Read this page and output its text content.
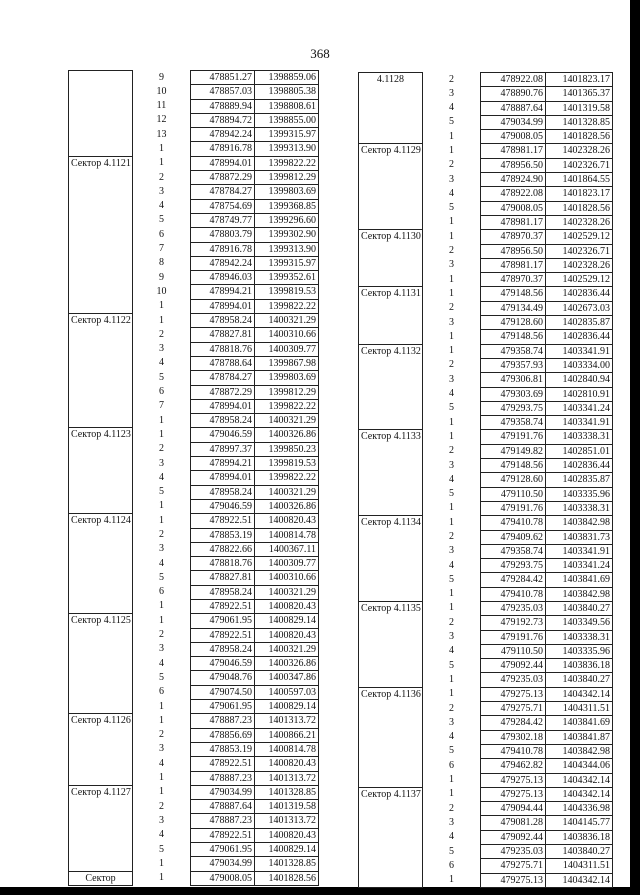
368
	9	478851.27	1398859.06
	10	478857.03	1398805.38
	11	478889.94	1398808.61
	12	478894.72	1398855.00
	13	478942.24	1399315.97
	1	478916.78	1399313.90
Сектор 4.1121	1	478994.01	1399822.22
	2	478872.29	1399812.29
	3	478784.27	1399803.69
	4	478754.69	1399368.85
	5	478749.77	1399296.60
	6	478803.79	1399302.90
	7	478916.78	1399313.90
	8	478942.24	1399315.97
	9	478946.03	1399352.61
	10	478994.21	1399819.53
	1	478994.01	1399822.22
Сектор 4.1122	1	478958.24	1400321.29
	2	478827.81	1400310.66
	3	478818.76	1400309.77
	4	478788.64	1399867.98
	5	478784.27	1399803.69
	6	478872.29	1399812.29
	7	478994.01	1399822.22
	1	478958.24	1400321.29
Сектор 4.1123	1	479046.59	1400326.86
	2	478997.37	1399850.23
	3	478994.21	1399819.53
	4	478994.01	1399822.22
	5	478958.24	1400321.29
	1	479046.59	1400326.86
Сектор 4.1124	1	478922.51	1400820.43
	2	478853.19	1400814.78
	3	478822.66	1400367.11
	4	478818.76	1400309.77
	5	478827.81	1400310.66
	6	478958.24	1400321.29
	1	478922.51	1400820.43
Сектор 4.1125	1	479061.95	1400829.14
	2	478922.51	1400820.43
	3	478958.24	1400321.29
	4	479046.59	1400326.86
	5	479048.76	1400347.86
	6	479074.50	1400597.03
	1	479061.95	1400829.14
Сектор 4.1126	1	478887.23	1401313.72
	2	478856.69	1400866.21
	3	478853.19	1400814.78
	4	478922.51	1400820.43
	1	478887.23	1401313.72
Сектор 4.1127	1	479034.99	1401328.85
	2	478887.64	1401319.58
	3	478887.23	1401313.72
	4	478922.51	1400820.43
	5	479061.95	1400829.14
	1	479034.99	1401328.85
Сектор	1	479008.05	1401828.56
4.1128	2	478922.08	1401823.17
	3	478890.76	1401365.37
	4	478887.64	1401319.58
	5	479034.99	1401328.85
	1	479008.05	1401828.56
Сектор 4.1129	1	478981.17	1402328.26
	2	478956.50	1402326.71
	3	478924.90	1401864.55
	4	478922.08	1401823.17
	5	479008.05	1401828.56
	1	478981.17	1402328.26
Сектор 4.1130	1	478970.37	1402529.12
	2	478956.50	1402326.71
	3	478981.17	1402328.26
	1	478970.37	1402529.12
Сектор 4.1131	1	479148.56	1402836.44
	2	479134.49	1402673.03
	3	479128.60	1402835.87
	1	479148.56	1402836.44
Сектор 4.1132	1	479358.74	1403341.91
	2	479357.93	1403334.00
	3	479306.81	1402840.94
	4	479303.69	1402810.91
	5	479293.75	1403341.24
	1	479358.74	1403341.91
Сектор 4.1133	1	479191.76	1403338.31
	2	479149.82	1402851.01
	3	479148.56	1402836.44
	4	479128.60	1402835.87
	5	479110.50	1403335.96
	1	479191.76	1403338.31
Сектор 4.1134	1	479410.78	1403842.98
	2	479409.62	1403831.73
	3	479358.74	1403341.91
	4	479293.75	1403341.24
	5	479284.42	1403841.69
	1	479410.78	1403842.98
Сектор 4.1135	1	479235.03	1403840.27
	2	479192.73	1403349.56
	3	479191.76	1403338.31
	4	479110.50	1403335.96
	5	479092.44	1403836.18
	1	479235.03	1403840.27
Сектор 4.1136	1	479275.13	1404342.14
	2	479275.71	1404311.51
	3	479284.42	1403841.69
	4	479302.18	1403841.87
	5	479410.78	1403842.98
	6	479462.82	1404344.06
	1	479275.13	1404342.14
Сектор 4.1137	1	479275.13	1404342.14
	2	479094.44	1404336.98
	3	479081.28	1404145.77
	4	479092.44	1403836.18
	5	479235.03	1403840.27
	6	479275.71	1404311.51
	1	479275.13	1404342.14
